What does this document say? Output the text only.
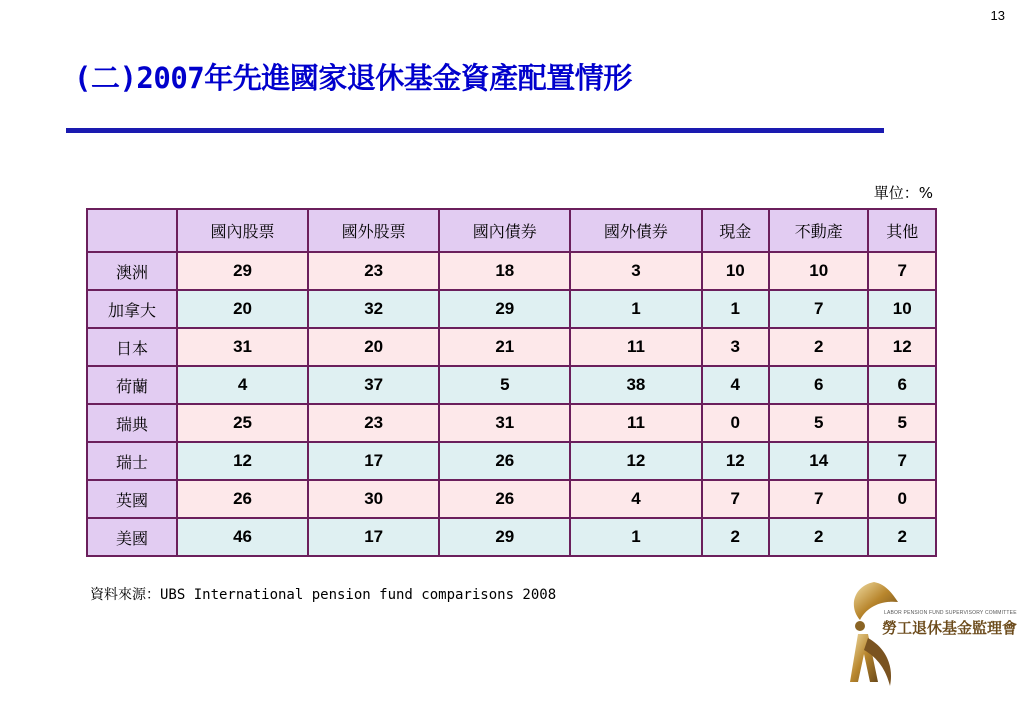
13
(二)2007年先進國家退休基金資產配置情形
單位：%
	國內股票	國外股票	國內債券	國外債券	現金	不動產	其他
澳洲	29	23	18	3	10	10	7
加拿大	20	32	29	1	1	7	10
日本	31	20	21	11	3	2	12
荷蘭	4	37	5	38	4	6	6
瑞典	25	23	31	11	0	5	5
瑞士	12	17	26	12	12	14	7
英國	26	30	26	4	7	7	0
美國	46	17	29	1	2	2	2
資料來源：UBS International pension fund comparisons 2008
LABOR PENSION FUND SUPERVISORY COMMITTEE
勞工退休基金監理會
